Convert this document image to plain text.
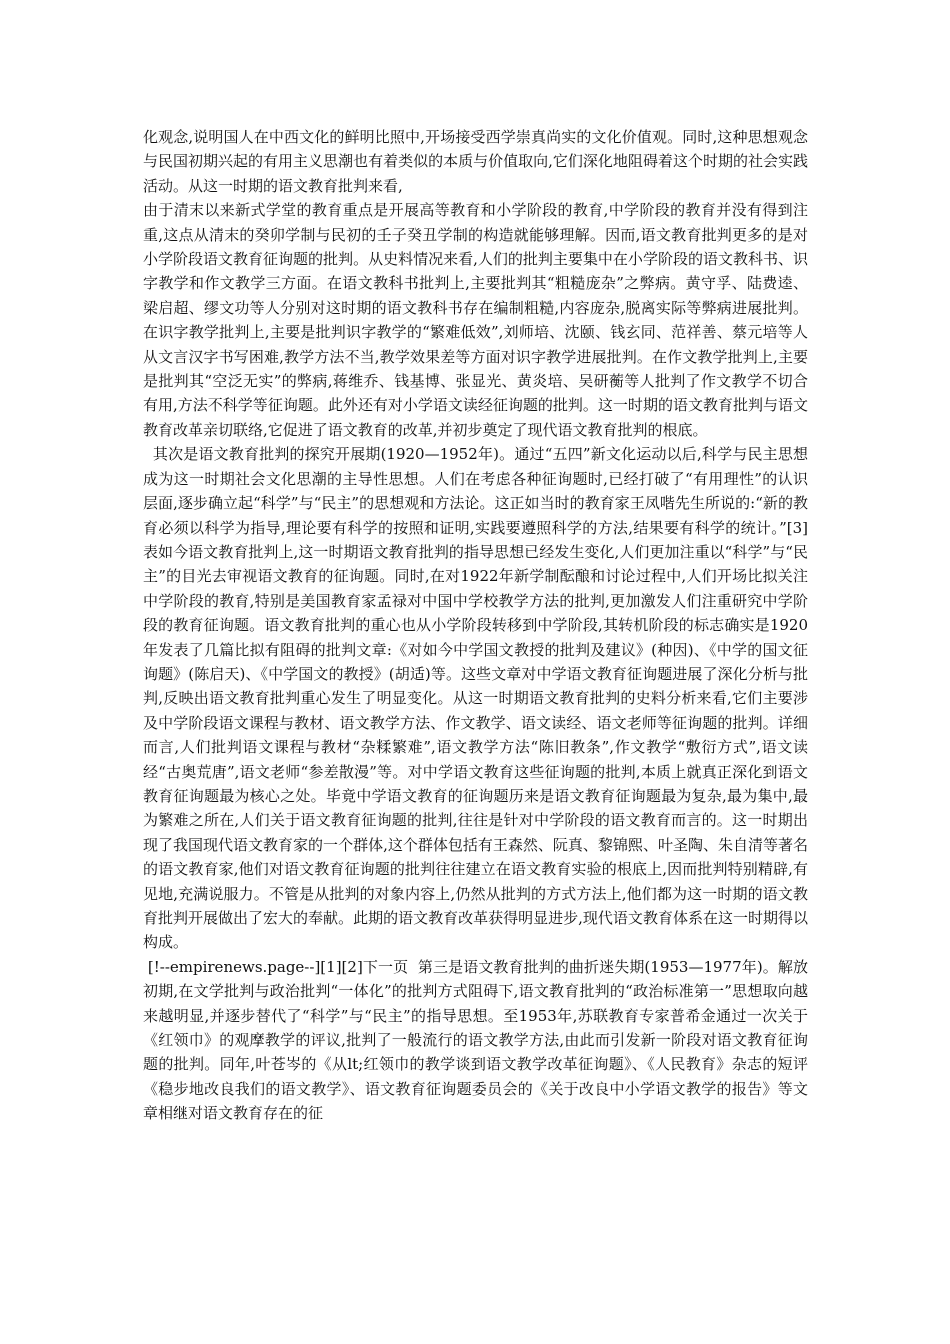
化观念,说明国人在中西文化的鲜明比照中,开场接受西学崇真尚实的文化价值观。同时,这种思想观念与民国初期兴起的有用主义思潮也有着类似的本质与价值取向,它们深化地阻碍着这个时期的社会实践活动。从这一时期的语文教育批判来看,

由于清末以来新式学堂的教育重点是开展高等教育和小学阶段的教育,中学阶段的教育并没有得到注重,这点从清末的癸卯学制与民初的壬子癸丑学制的构造就能够理解。因而,语文教育批判更多的是对小学阶段语文教育征询题的批判。从史料情况来看,人们的批判主要集中在小学阶段的语文教科书、识字教学和作文教学三方面。在语文教科书批判上,主要批判其“粗糙庞杂”之弊病。黄守孚、陆费逵、梁启超、缪文功等人分别对这时期的语文教科书存在编制粗糙,内容庞杂,脱离实际等弊病进展批判。在识字教学批判上,主要是批判识字教学的“繁难低效”,刘师培、沈颐、钱玄同、范祥善、蔡元培等人从文言汉字书写困难,教学方法不当,教学效果差等方面对识字教学进展批判。在作文教学批判上,主要是批判其“空泛无实”的弊病,蒋维乔、钱基博、张显光、黄炎培、吴研蘅等人批判了作文教学不切合有用,方法不科学等征询题。此外还有对小学语文读经征询题的批判。这一时期的语文教育批判与语文教育改革亲切联络,它促进了语文教育的改革,并初步奠定了现代语文教育批判的根底。

其次是语文教育批判的探究开展期(1920—1952年)。通过“五四”新文化运动以后,科学与民主思想成为这一时期社会文化思潮的主导性思想。人们在考虑各种征询题时,已经打破了“有用理性”的认识层面,逐步确立起“科学”与“民主”的思想观和方法论。这正如当时的教育家王凤喈先生所说的:“新的教育必须以科学为指导,理论要有科学的按照和证明,实践要遵照科学的方法,结果要有科学的统计。”[3]表如今语文教育批判上,这一时期语文教育批判的指导思想已经发生变化,人们更加注重以“科学”与“民主”的目光去审视语文教育的征询题。同时,在对1922年新学制酝酿和讨论过程中,人们开场比拟关注中学阶段的教育,特别是美国教育家孟禄对中国中学校教学方法的批判,更加激发人们注重研究中学阶段的教育征询题。语文教育批判的重心也从小学阶段转移到中学阶段,其转机阶段的标志确实是1920年发表了几篇比拟有阻碍的批判文章:《对如今中学国文教授的批判及建议》(种因)、《中学的国文征询题》(陈启天)、《中学国文的教授》(胡适)等。这些文章对中学语文教育征询题进展了深化分析与批判,反映出语文教育批判重心发生了明显变化。从这一时期语文教育批判的史料分析来看,它们主要涉及中学阶段语文课程与教材、语文教学方法、作文教学、语文读经、语文老师等征询题的批判。详细而言,人们批判语文课程与教材“杂糅繁难”,语文教学方法“陈旧教条”,作文教学“敷衍方式”,语文读经“古奥荒唐”,语文老师“参差散漫”等。对中学语文教育这些征询题的批判,本质上就真正深化到语文教育征询题最为核心之处。毕竟中学语文教育的征询题历来是语文教育征询题最为复杂,最为集中,最为繁难之所在,人们关于语文教育征询题的批判,往往是针对中学阶段的语文教育而言的。这一时期出现了我国现代语文教育家的一个群体,这个群体包括有王森然、阮真、黎锦熙、叶圣陶、朱自清等著名的语文教育家,他们对语文教育征询题的批判往往建立在语文教育实验的根底上,因而批判特别精辟,有见地,充满说服力。不管是从批判的对象内容上,仍然从批判的方式方法上,他们都为这一时期的语文教育批判开展做出了宏大的奉献。此期的语文教育改革获得明显进步,现代语文教育体系在这一时期得以构成。

[!--empirenews.page--][1][2]下一页  第三是语文教育批判的曲折迷失期(1953—1977年)。解放初期,在文学批判与政治批判“一体化”的批判方式阻碍下,语文教育批判的“政治标准第一”思想取向越来越明显,并逐步替代了“科学”与“民主”的指导思想。至1953年,苏联教育专家普希金通过一次关于《红领巾》的观摩教学的评议,批判了一般流行的语文教学方法,由此而引发新一阶段对语文教育征询题的批判。同年,叶苍岑的《从lt;红领巾的教学谈到语文教学改革征询题》、《人民教育》杂志的短评《稳步地改良我们的语文教学》、语文教育征询题委员会的《关于改良中小学语文教学的报告》等文章相继对语文教育存在的征
